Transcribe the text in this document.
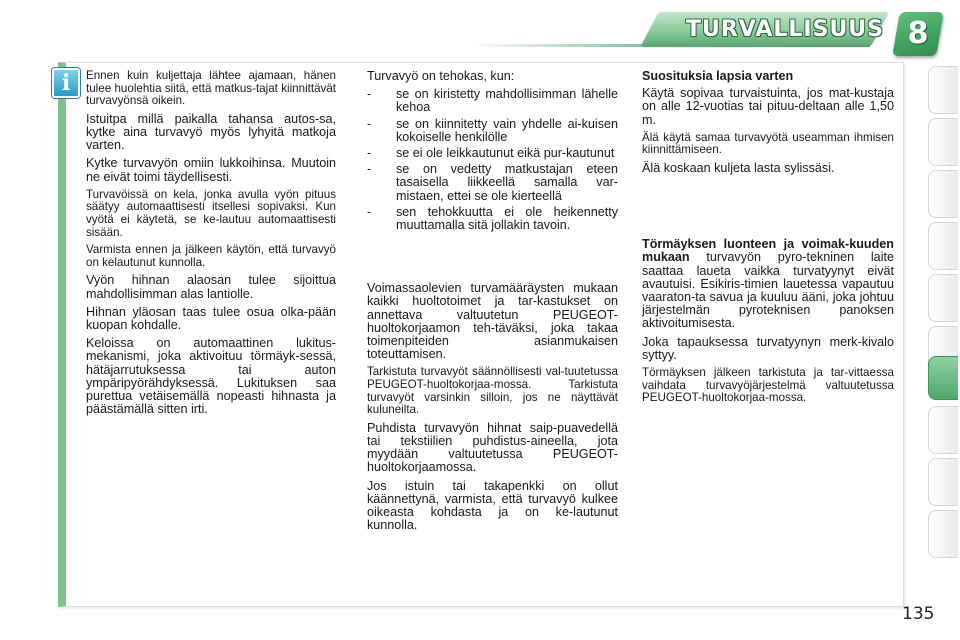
TURVALLISUUS 8
i	Ennen kuin kuljettaja lähtee ajamaan, hänen tulee huolehtia siitä, että matkus-tajat kiinnittävät turvavyönsä oikein.

Istuitpa millä paikalla tahansa autos-sa, kytke aina turvavyö myös lyhyitä matkoja varten.

Kytke turvavyön omiin lukkoihinsa. Muutoin ne eivät toimi täydellisesti.

Turvavöissä on kela, jonka avulla vyön pituus säätyy automaattisesti itsellesi sopivaksi. Kun vyötä ei käytetä, se ke-lautuu automaattisesti sisään.

Varmista ennen ja jälkeen käytön, että turvavyö on kelautunut kunnolla.

Vyön hihnan alaosan tulee sijoittua mahdollisimman alas lantiolle.

Hihnan yläosan taas tulee osua olka-pään kuopan kohdalle.

Keloissa on automaattinen lukitus-mekanismi, joka aktivoituu törmäyk-sessä, hätäjarrutuksessa tai auton ympäripyörähdyksessä. Lukituksen saa purettua vetäisemällä nopeasti hihnasta ja päästämällä sitten irti.

Turvavyö on tehokas, kun:

- se on kiristetty mahdollisimman lähelle kehoa
- se on kiinnitetty vain yhdelle ai-kuisen kokoiselle henkilölle
- se ei ole leikkautunut eikä pur-kautunut
- se on vedetty matkustajan eteen tasaisella liikkeellä samalla var-mistaen, ettei se ole kierteellä
- sen tehokkuutta ei ole heikennetty muuttamalla sitä jollakin tavoin.

Voimassaolevien turvamääräysten mukaan kaikki huoltotoimet ja tar-kastukset on annettava valtuutetun PEUGEOT-huoltokorjaamon teh-täväksi, joka takaa toimenpiteiden asianmukaisen toteuttamisen.

Tarkistuta turvavyöt säännöllisesti val-tuutetussa PEUGEOT-huoltokorjaa-mossa. Tarkistuta turvavyöt varsinkin silloin, jos ne näyttävät kuluneilta.

Puhdista turvavyön hihnat saip-puavedellä tai tekstiilien puhdistus-aineella, jota myydään valtuutetussa PEUGEOT-huoltokorjaamossa.

Jos istuin tai takapenkki on ollut käännettynä, varmista, että turvavyö kulkee oikeasta kohdasta ja on ke-lautunut kunnolla.

Suosituksia lapsia varten

Käytä sopivaa turvaistuinta, jos mat-kustaja on alle 12-vuotias tai pituu-deltaan alle 1,50 m.

Älä käytä samaa turvavyötä useamman ihmisen kiinnittämiseen.

Älä koskaan kuljeta lasta sylissäsi.

Törmäyksen luonteen ja voimak-kuuden mukaan turvavyön pyro-tekninen laite saattaa laueta vaikka turvatyynyt eivät avautuisi. Esikiris-timien lauetessa vapautuu vaaraton-ta savua ja kuuluu ääni, joka johtuu järjestelmän pyroteknisen panoksen aktivoitumisesta.

Joka tapauksessa turvatyynyn merk-kivalo syttyy.

Törmäyksen jälkeen tarkistuta ja tar-vittaessa vaihdata turvavyöjärjestelmä valtuutetussa PEUGEOT-huoltokorjaa-mossa.

135
